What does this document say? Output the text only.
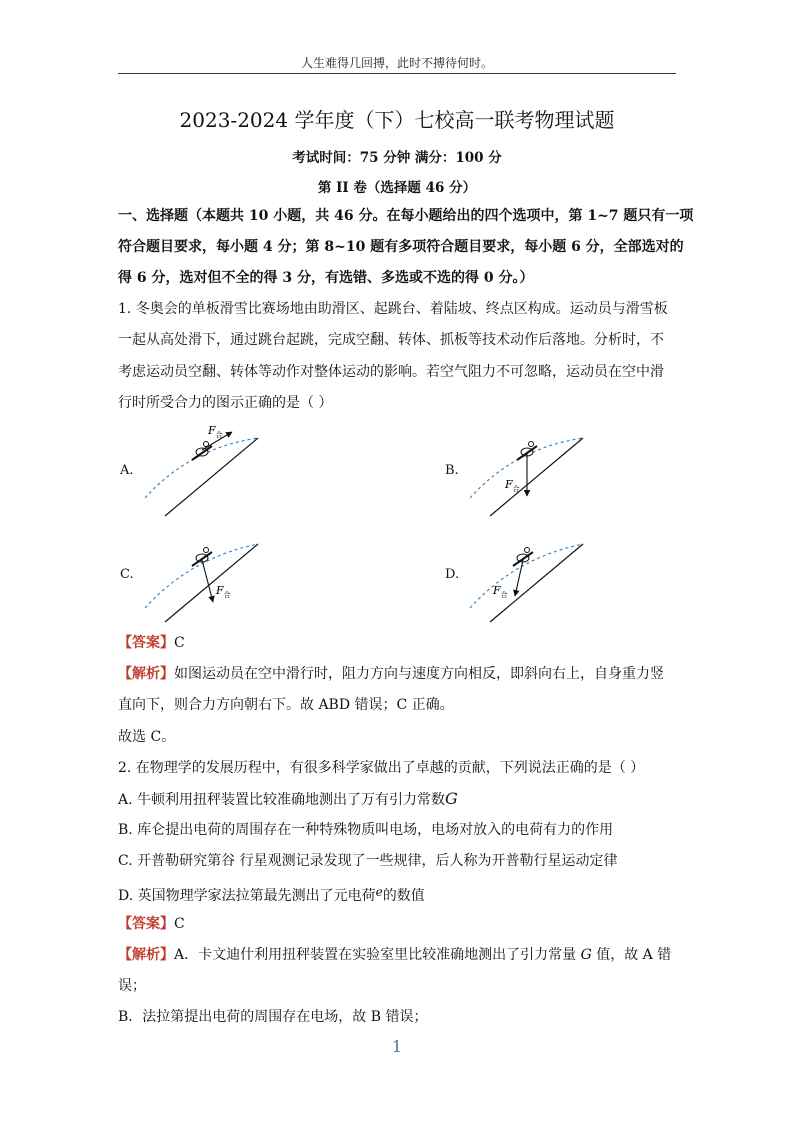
人生难得几回搏，此时不搏待何时。
2023-2024 学年度（下）七校高一联考物理试题
考试时间：75 分钟 满分：100 分
第 II 卷（选择题 46 分）
一、选择题（本题共 10 小题，共 46 分。在每小题给出的四个选项中，第 1~7 题只有一项
符合题目要求，每小题 4 分；第 8~10 题有多项符合题目要求，每小题 6 分，全部选对的
得 6 分，选对但不全的得 3 分，有选错、多选或不选的得 0 分。）
1. 冬奥会的单板滑雪比赛场地由助滑区、起跳台、着陆坡、终点区构成。运动员与滑雪板
一起从高处滑下，通过跳台起跳，完成空翻、转体、抓板等技术动作后落地。分析时，不
考虑运动员空翻、转体等动作对整体运动的影响。若空气阻力不可忽略，运动员在空中滑
行时所受合力的图示正确的是（ ）
A.	B.
C.	D.
$F_合$
$F_合$
$F_合$	$F_合$
【答案】C
【解析】如图运动员在空中滑行时，阻力方向与速度方向相反，即斜向右上，自身重力竖
直向下，则合力方向朝右下。故 ABD 错误；C 正确。
故选 C。
2. 在物理学的发展历程中，有很多科学家做出了卓越的贡献，下列说法正确的是（ ）
A. 牛顿利用扭秤装置比较准确地测出了万有引力常数G
B. 库仑提出电荷的周围存在一种特殊物质叫电场，电场对放入的电荷有力的作用
C. 开普勒研究第谷 行星观测记录发现了一些规律，后人称为开普勒行星运动定律
D. 英国物理学家法拉第最先测出了元电荷e的数值
【答案】C
【解析】A．卡文迪什利用扭秤装置在实验室里比较准确地测出了引力常量 G 值，故 A 错
误；
B．法拉第提出电荷的周围存在电场，故 B 错误；
1
